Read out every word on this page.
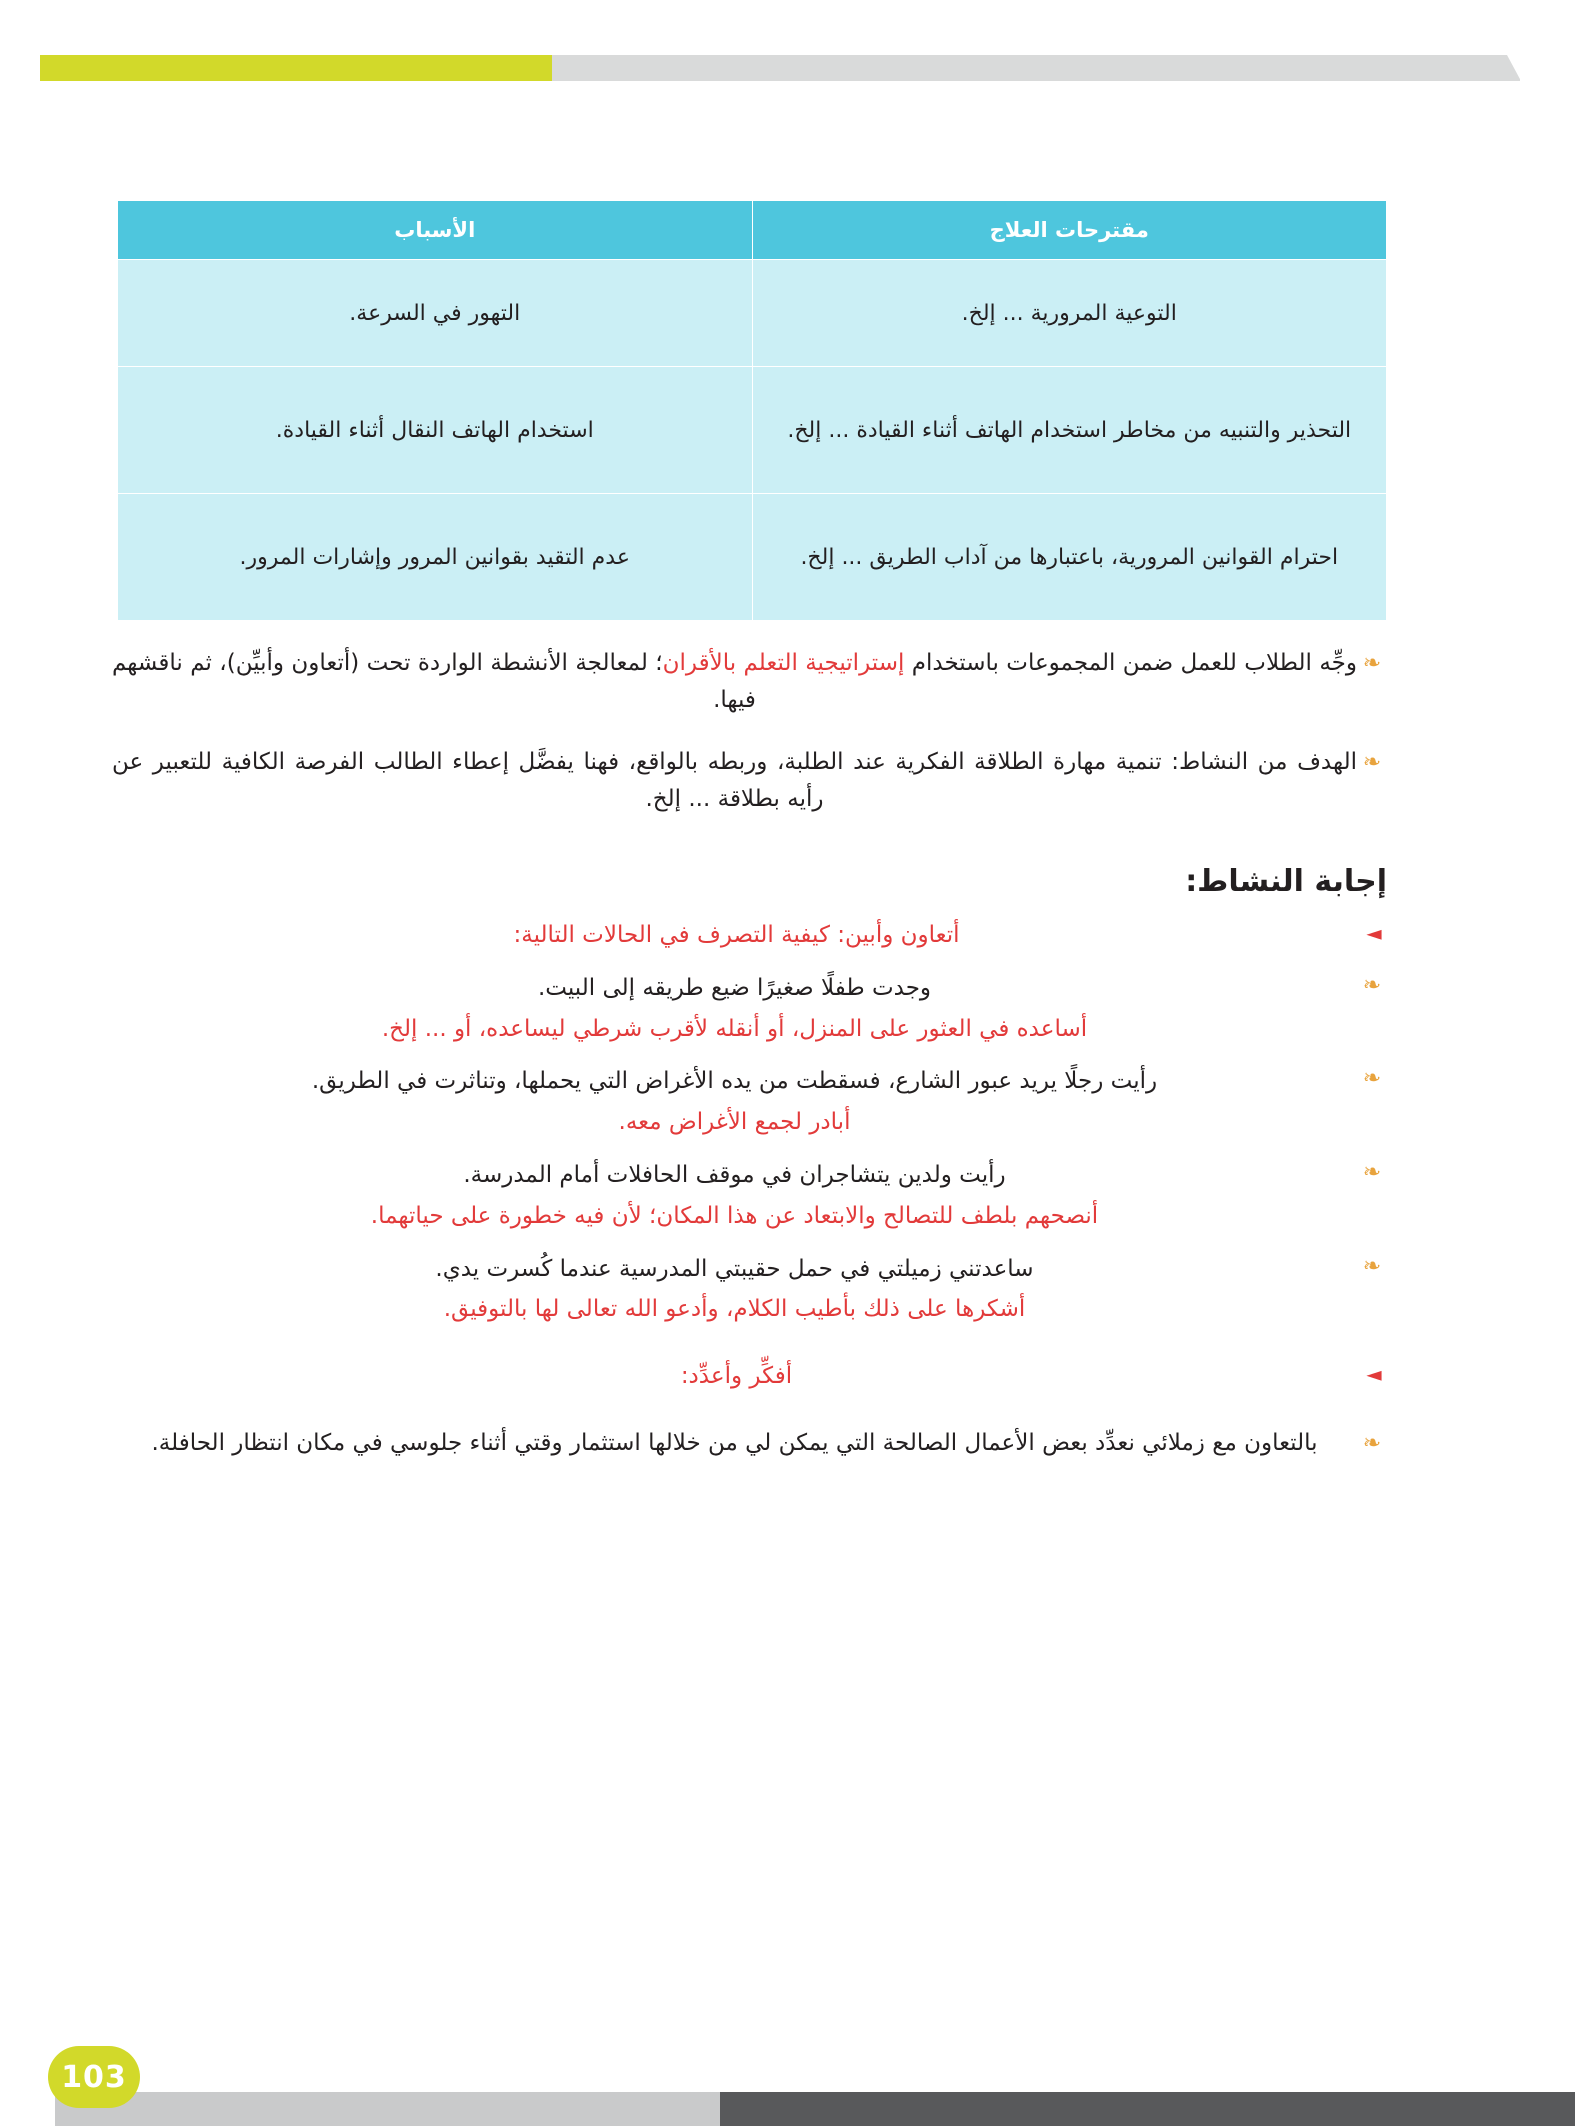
مقترحات العلاج	الأسباب
التوعية المرورية ... إلخ.	التهور في السرعة.
التحذير والتنبيه من مخاطر استخدام الهاتف أثناء القيادة ... إلخ.	استخدام الهاتف النقال أثناء القيادة.
احترام القوانين المرورية، باعتبارها من آداب الطريق ... إلخ.	عدم التقيد بقوانين المرور وإشارات المرور.
❧
وجِّه الطلاب للعمل ضمن المجموعات باستخدام إستراتيجية التعلم بالأقران؛ لمعالجة الأنشطة الواردة تحت (أتعاون وأبيِّن)، ثم ناقشهم فيها.
❧
الهدف من النشاط: تنمية مهارة الطلاقة الفكرية عند الطلبة، وربطه بالواقع، فهنا يفضَّل إعطاء الطالب الفرصة الكافية للتعبير عن رأيه بطلاقة ... إلخ.
إجابة النشاط:
◄
أتعاون وأبين: كيفية التصرف في الحالات التالية:
❧
وجدت طفلًا صغيرًا ضيع طريقه إلى البيت.
أساعده في العثور على المنزل، أو أنقله لأقرب شرطي ليساعده، أو ... إلخ.
❧
رأيت رجلًا يريد عبور الشارع، فسقطت من يده الأغراض التي يحملها، وتناثرت في الطريق.
أبادر لجمع الأغراض معه.
❧
رأيت ولدين يتشاجران في موقف الحافلات أمام المدرسة.
أنصحهم بلطف للتصالح والابتعاد عن هذا المكان؛ لأن فيه خطورة على حياتهما.
❧
ساعدتني زميلتي في حمل حقيبتي المدرسية عندما كُسرت يدي.
أشكرها على ذلك بأطيب الكلام، وأدعو الله تعالى لها بالتوفيق.
◄
أفكِّر وأعدِّد:
❧
بالتعاون مع زملائي نعدِّد بعض الأعمال الصالحة التي يمكن لي من خلالها استثمار وقتي أثناء جلوسي في مكان انتظار الحافلة.
103
